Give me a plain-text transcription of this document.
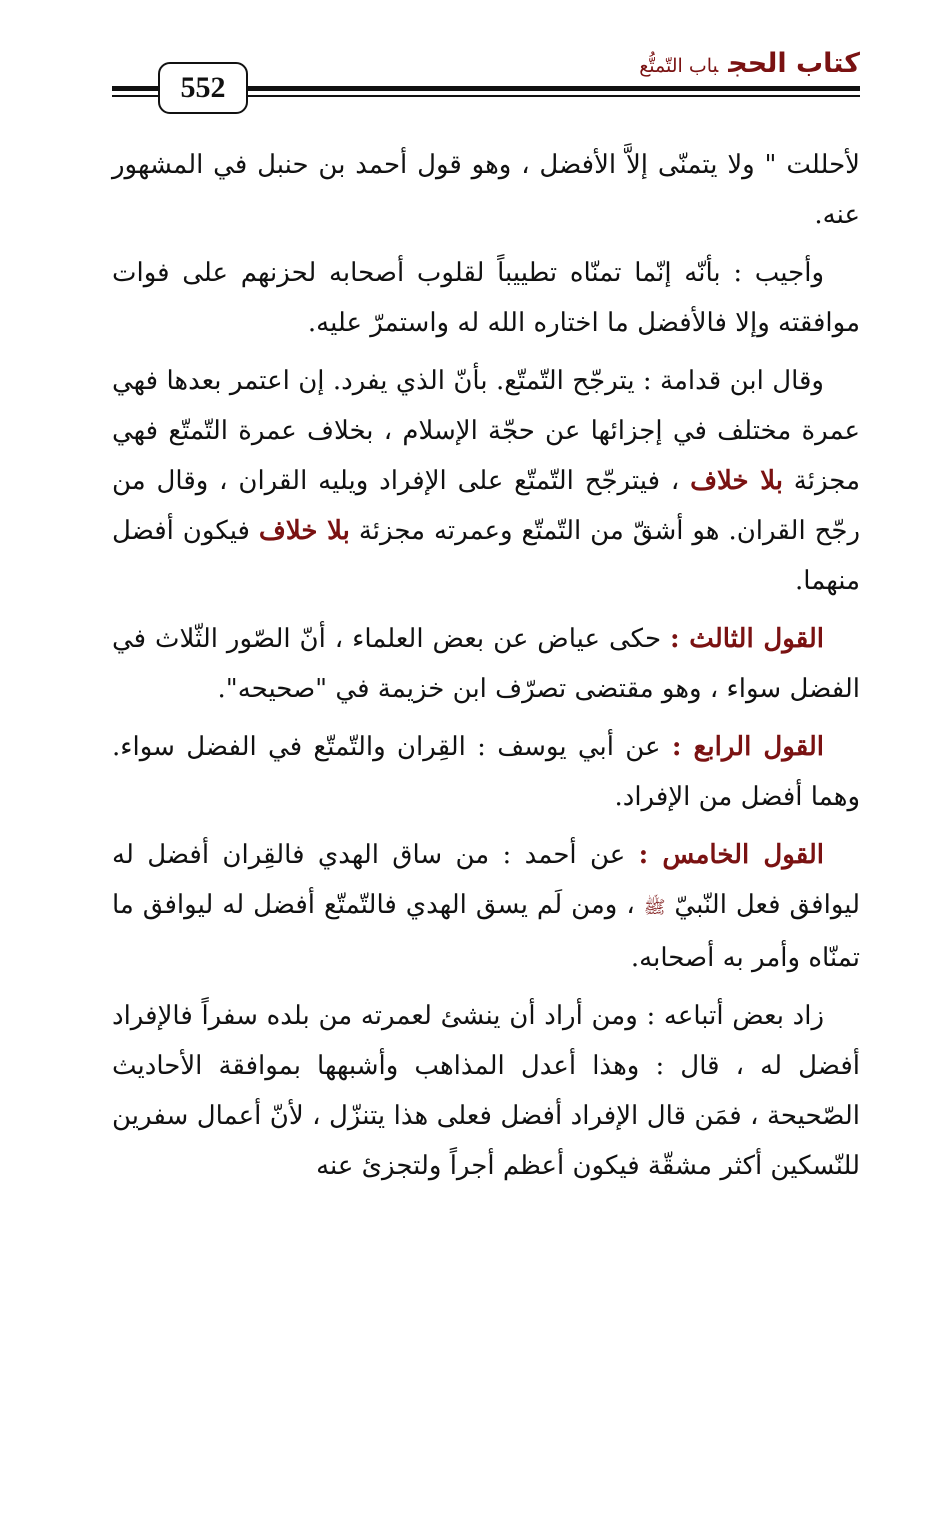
كتاب الحجباب التّمتُّع
552

لأحللت " ولا يتمنّى إلاَّ الأفضل ، وهو قول أحمد بن حنبل في المشهور عنه.

وأجيب : بأنّه إنّما تمنّاه تطييباً لقلوب أصحابه لحزنهم على فوات موافقته وإلا فالأفضل ما اختاره الله له واستمرّ عليه.

وقال ابن قدامة : يترجّح التّمتّع. بأنّ الذي يفرد. إن اعتمر بعدها فهي عمرة مختلف في إجزائها عن حجّة الإسلام ، بخلاف عمرة التّمتّع فهي مجزئة بلا خلاف ، فيترجّح التّمتّع على الإفراد ويليه القران ، وقال من رجّح القران. هو أشقّ من التّمتّع وعمرته مجزئة بلا خلاف فيكون أفضل منهما.

القول الثالث : حكى عياض عن بعض العلماء ، أنّ الصّور الثّلاث في الفضل سواء ، وهو مقتضى تصرّف ابن خزيمة في "صحيحه".

القول الرابع : عن أبي يوسف : القِران والتّمتّع في الفضل سواء. وهما أفضل من الإفراد.

القول الخامس : عن أحمد : من ساق الهدي فالقِران أفضل له ليوافق فعل النّبيّ ﷺ ، ومن لَم يسق الهدي فالتّمتّع أفضل له ليوافق ما تمنّاه وأمر به أصحابه.

زاد بعض أتباعه : ومن أراد أن ينشئ لعمرته من بلده سفراً فالإفراد أفضل له ، قال : وهذا أعدل المذاهب وأشبهها بموافقة الأحاديث الصّحيحة ، فمَن قال الإفراد أفضل فعلى هذا يتنزّل ، لأنّ أعمال سفرين للنّسكين أكثر مشقّة فيكون أعظم أجراً ولتجزئ عنه
